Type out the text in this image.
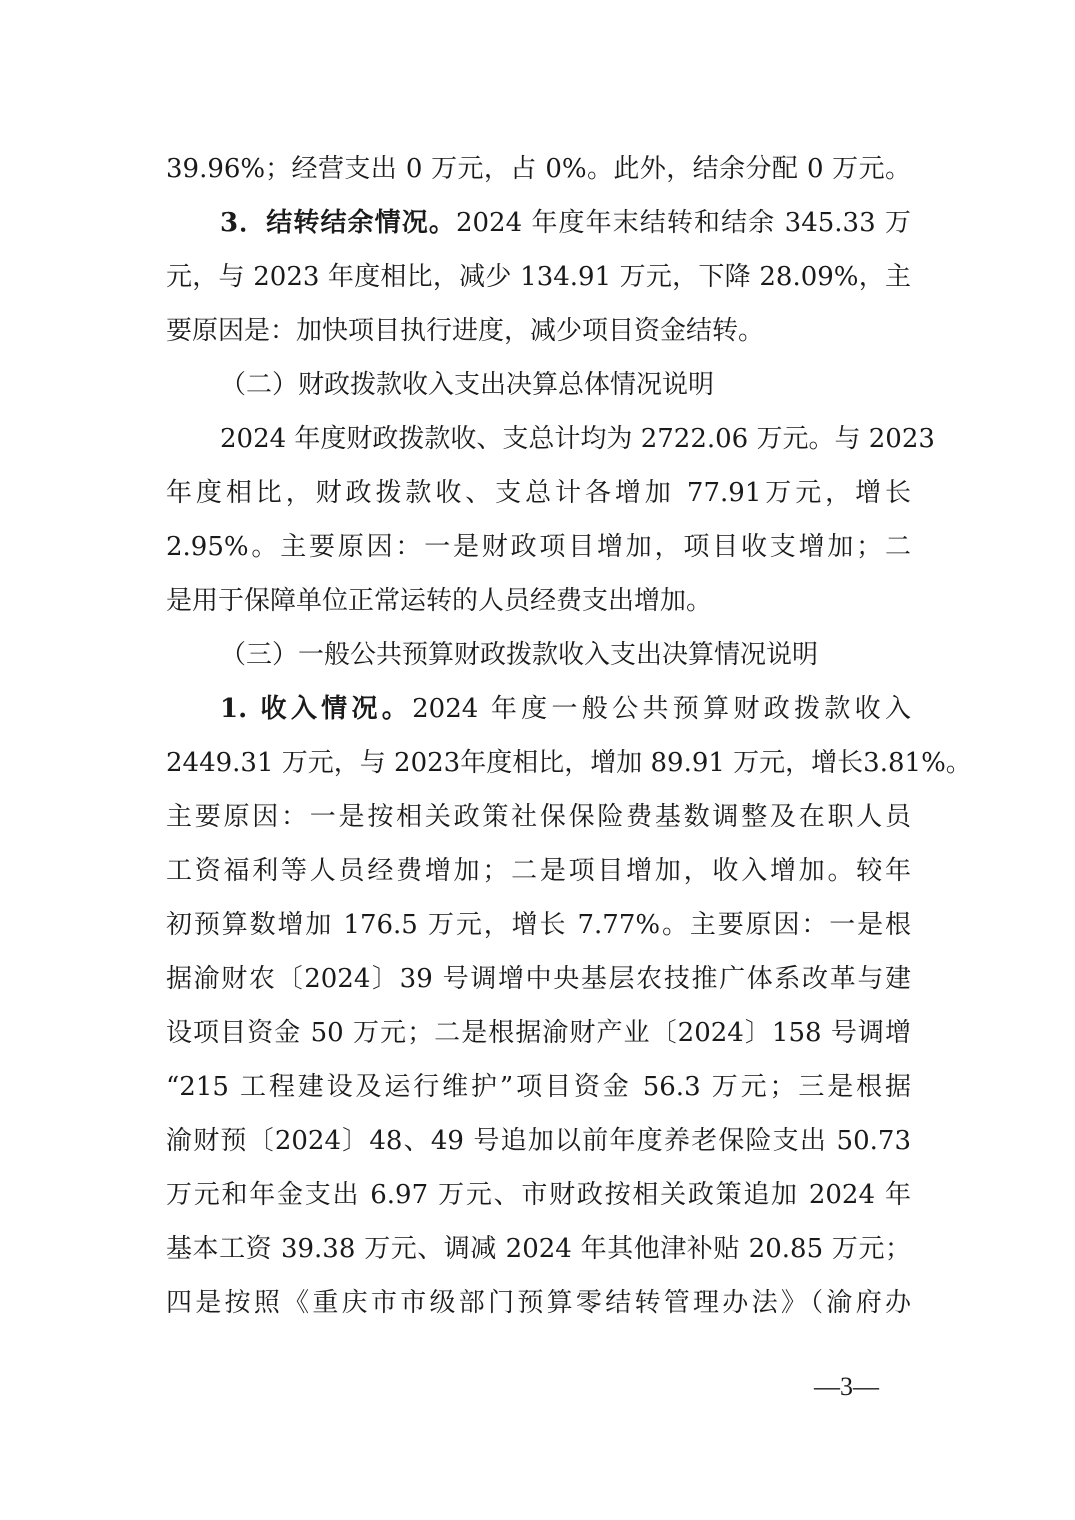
39.96%；经营支出 0 万元，占 0%。此外，结余分配 0 万元。
3．结转结余情况。2024 年度年末结转和结余 345.33 万
元，与 2023 年度相比，减少 134.91 万元，下降 28.09%，主
要原因是：加快项目执行进度，减少项目资金结转。
（二）财政拨款收入支出决算总体情况说明
2024 年度财政拨款收、支总计均为 2722.06 万元。与 2023
年度相比，财政拨款收、支总计各增加 77.91万元，增长
2.95%。主要原因：一是财政项目增加，项目收支增加；二
是用于保障单位正常运转的人员经费支出增加。
（三）一般公共预算财政拨款收入支出决算情况说明
1. 收入情况。2024 年度一般公共预算财政拨款收入
2449.31 万元，与 2023年度相比，增加 89.91 万元，增长3.81%。
主要原因：一是按相关政策社保保险费基数调整及在职人员
工资福利等人员经费增加；二是项目增加，收入增加。较年
初预算数增加 176.5 万元，增长 7.77%。主要原因：一是根
据渝财农〔2024〕39 号调增中央基层农技推广体系改革与建
设项目资金 50 万元；二是根据渝财产业〔2024〕158 号调增
“215 工程建设及运行维护”项目资金 56.3 万元；三是根据
渝财预〔2024〕48、49 号追加以前年度养老保险支出 50.73
万元和年金支出 6.97 万元、市财政按相关政策追加 2024 年
基本工资 39.38 万元、调减 2024 年其他津补贴 20.85 万元；
四是按照《重庆市市级部门预算零结转管理办法》（渝府办
—3—
